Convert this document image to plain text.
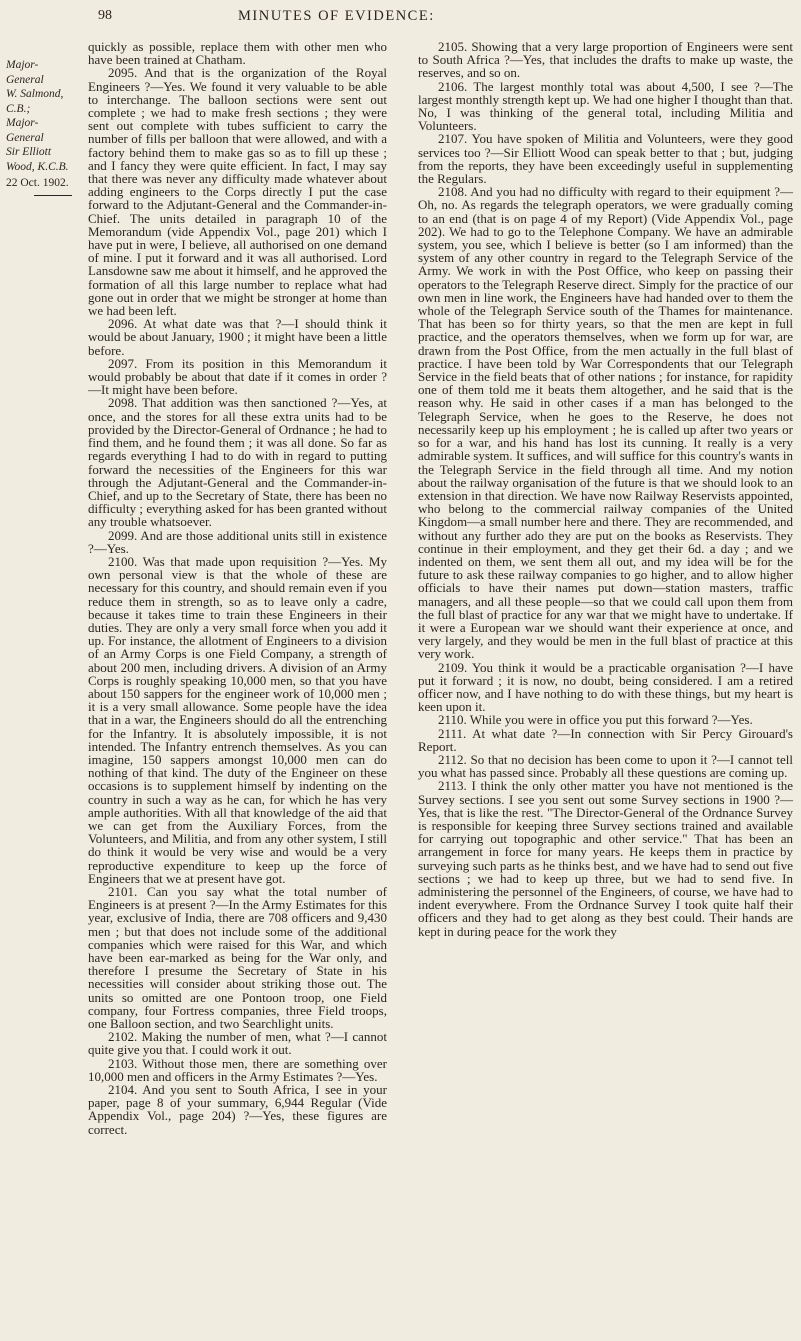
98	MINUTES OF EVIDENCE:
Major-
General
W. Salmond,
C.B.;
Major-
General
Sir Elliott
Wood, K.C.B.
22 Oct. 1902.

quickly as possible, replace them with other men who have been trained at Chatham.

2095. And that is the organization of the Royal Engineers ?—Yes. We found it very valuable to be able to interchange. The balloon sections were sent out complete ; we had to make fresh sections ; they were sent out complete with tubes sufficient to carry the number of fills per balloon that were allowed, and with a factory behind them to make gas so as to fill up these ; and I fancy they were quite efficient. In fact, I may say that there was never any difficulty made whatever about adding engineers to the Corps directly I put the case forward to the Adjutant-General and the Commander-in-Chief. The units detailed in paragraph 10 of the Memorandum (vide Appendix Vol., page 201) which I have put in were, I believe, all authorised on one demand of mine. I put it forward and it was all authorised. Lord Lansdowne saw me about it himself, and he approved the formation of all this large number to replace what had gone out in order that we might be stronger at home than we had been left.

2096. At what date was that ?—I should think it would be about January, 1900 ; it might have been a little before.

2097. From its position in this Memorandum it would probably be about that date if it comes in order ?—It might have been before.

2098. That addition was then sanctioned ?—Yes, at once, and the stores for all these extra units had to be provided by the Director-General of Ordnance ; he had to find them, and he found them ; it was all done. So far as regards everything I had to do with in regard to putting forward the necessities of the Engineers for this war through the Adjutant-General and the Commander-in-Chief, and up to the Secretary of State, there has been no difficulty ; everything asked for has been granted without any trouble whatsoever.

2099. And are those additional units still in existence ?—Yes.

2100. Was that made upon requisition ?—Yes. My own personal view is that the whole of these are necessary for this country, and should remain even if you reduce them in strength, so as to leave only a cadre, because it takes time to train these Engineers in their duties. They are only a very small force when you add it up. For instance, the allotment of Engineers to a division of an Army Corps is one Field Company, a strength of about 200 men, including drivers. A division of an Army Corps is roughly speaking 10,000 men, so that you have about 150 sappers for the engineer work of 10,000 men ; it is a very small allowance. Some people have the idea that in a war, the Engineers should do all the entrenching for the Infantry. It is absolutely impossible, it is not intended. The Infantry entrench themselves. As you can imagine, 150 sappers amongst 10,000 men can do nothing of that kind. The duty of the Engineer on these occasions is to supplement himself by indenting on the country in such a way as he can, for which he has very ample authorities. With all that knowledge of the aid that we can get from the Auxiliary Forces, from the Volunteers, and Militia, and from any other system, I still do think it would be very wise and would be a very reproductive expenditure to keep up the force of Engineers that we at present have got.

2101. Can you say what the total number of Engineers is at present ?—In the Army Estimates for this year, exclusive of India, there are 708 officers and 9,430 men ; but that does not include some of the additional companies which were raised for this War, and which have been ear-marked as being for the War only, and therefore I presume the Secretary of State in his necessities will consider about striking those out. The units so omitted are one Pontoon troop, one Field company, four Fortress companies, three Field troops, one Balloon section, and two Searchlight units.

2102. Making the number of men, what ?—I cannot quite give you that. I could work it out.

2103. Without those men, there are something over 10,000 men and officers in the Army Estimates ?—Yes.

2104. And you sent to South Africa, I see in your paper, page 8 of your summary, 6,944 Regular (Vide Appendix Vol., page 204) ?—Yes, these figures are correct.

2105. Showing that a very large proportion of Engineers were sent to South Africa ?—Yes, that includes the drafts to make up waste, the reserves, and so on.

2106. The largest monthly total was about 4,500, I see ?—The largest monthly strength kept up. We had one higher I thought than that. No, I was thinking of the general total, including Militia and Volunteers.

2107. You have spoken of Militia and Volunteers, were they good services too ?—Sir Elliott Wood can speak better to that ; but, judging from the reports, they have been exceedingly useful in supplementing the Regulars.

2108. And you had no difficulty with regard to their equipment ?—Oh, no. As regards the telegraph operators, we were gradually coming to an end (that is on page 4 of my Report) (Vide Appendix Vol., page 202). We had to go to the Telephone Company. We have an admirable system, you see, which I believe is better (so I am informed) than the system of any other country in regard to the Telegraph Service of the Army. We work in with the Post Office, who keep on passing their operators to the Telegraph Reserve direct. Simply for the practice of our own men in line work, the Engineers have had handed over to them the whole of the Telegraph Service south of the Thames for maintenance. That has been so for thirty years, so that the men are kept in full practice, and the operators themselves, when we form up for war, are drawn from the Post Office, from the men actually in the full blast of practice. I have been told by War Correspondents that our Telegraph Service in the field beats that of other nations ; for instance, for rapidity one of them told me it beats them altogether, and he said that is the reason why. He said in other cases if a man has belonged to the Telegraph Service, when he goes to the Reserve, he does not necessarily keep up his employment ; he is called up after two years or so for a war, and his hand has lost its cunning. It really is a very admirable system. It suffices, and will suffice for this country's wants in the Telegraph Service in the field through all time. And my notion about the railway organisation of the future is that we should look to an extension in that direction. We have now Railway Reservists appointed, who belong to the commercial railway companies of the United Kingdom—a small number here and there. They are recommended, and without any further ado they are put on the books as Reservists. They continue in their employment, and they get their 6d. a day ; and we indented on them, we sent them all out, and my idea will be for the future to ask these railway companies to go higher, and to allow higher officials to have their names put down—station masters, traffic managers, and all these people—so that we could call upon them from the full blast of practice for any war that we might have to undertake. If it were a European war we should want their experience at once, and very largely, and they would be men in the full blast of practice at this very work.

2109. You think it would be a practicable organisation ?—I have put it forward ; it is now, no doubt, being considered. I am a retired officer now, and I have nothing to do with these things, but my heart is keen upon it.

2110. While you were in office you put this forward ?—Yes.

2111. At what date ?—In connection with Sir Percy Girouard's Report.

2112. So that no decision has been come to upon it ?—I cannot tell you what has passed since. Probably all these questions are coming up.

2113. I think the only other matter you have not mentioned is the Survey sections. I see you sent out some Survey sections in 1900 ?—Yes, that is like the rest. "The Director-General of the Ordnance Survey is responsible for keeping three Survey sections trained and available for carrying out topographic and other service." That has been an arrangement in force for many years. He keeps them in practice by surveying such parts as he thinks best, and we have had to send out five sections ; we had to keep up three, but we had to send five. In administering the personnel of the Engineers, of course, we have had to indent everywhere. From the Ordnance Survey I took quite half their officers and they had to get along as they best could. Their hands are kept in during peace for the work they
